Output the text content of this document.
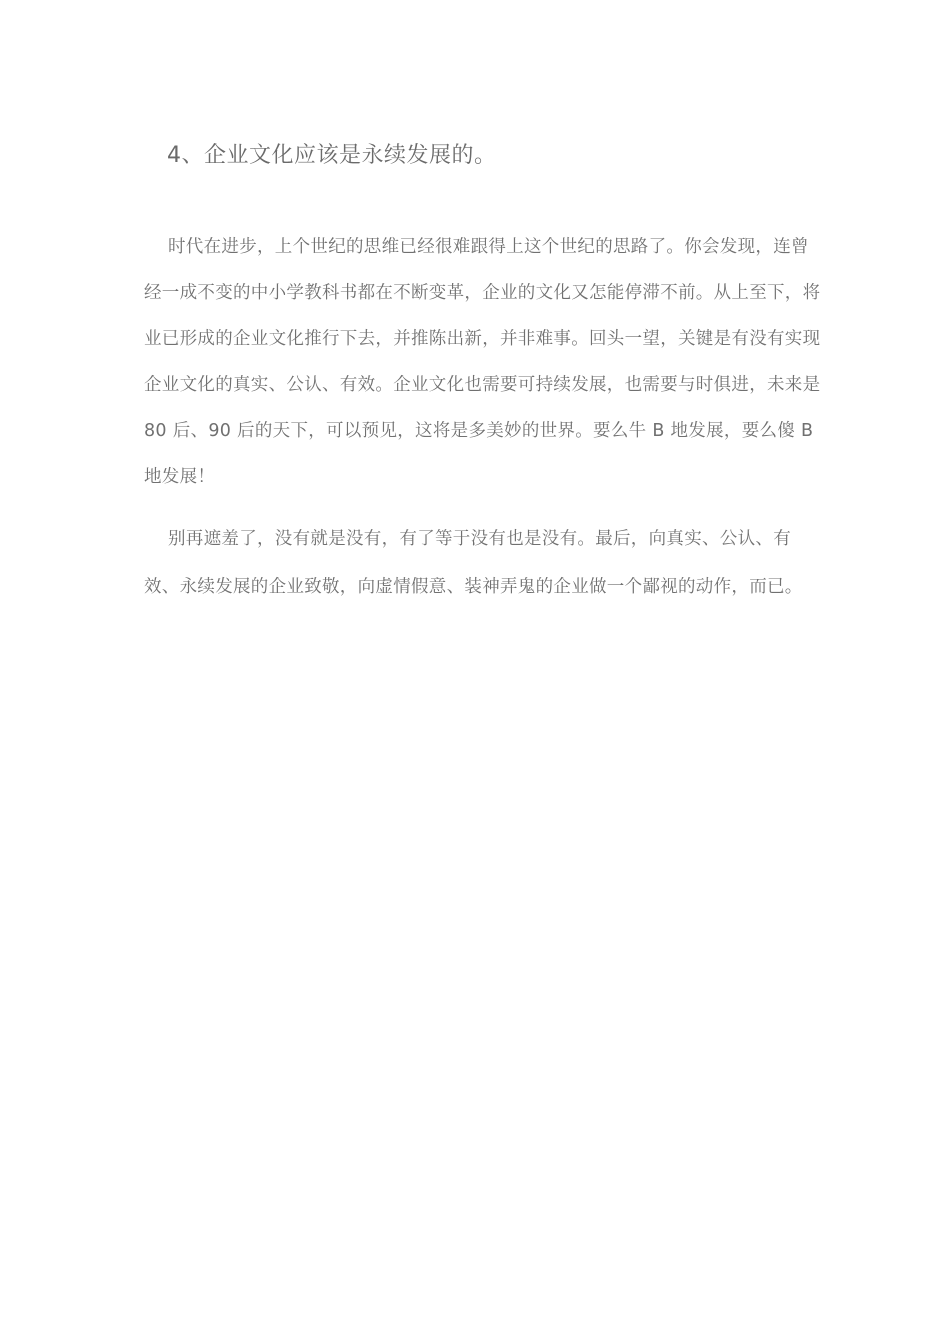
4、企业文化应该是永续发展的。
时代在进步，上个世纪的思维已经很难跟得上这个世纪的思路了。你会发现，连曾经一成不变的中小学教科书都在不断变革，企业的文化又怎能停滞不前。从上至下，将业已形成的企业文化推行下去，并推陈出新，并非难事。回头一望，关键是有没有实现企业文化的真实、公认、有效。企业文化也需要可持续发展，也需要与时俱进，未来是 80 后、90 后的天下，可以预见，这将是多美妙的世界。要么牛 B 地发展，要么傻 B 地发展！
别再遮羞了，没有就是没有，有了等于没有也是没有。最后，向真实、公认、有效、永续发展的企业致敬，向虚情假意、装神弄鬼的企业做一个鄙视的动作，而已。
